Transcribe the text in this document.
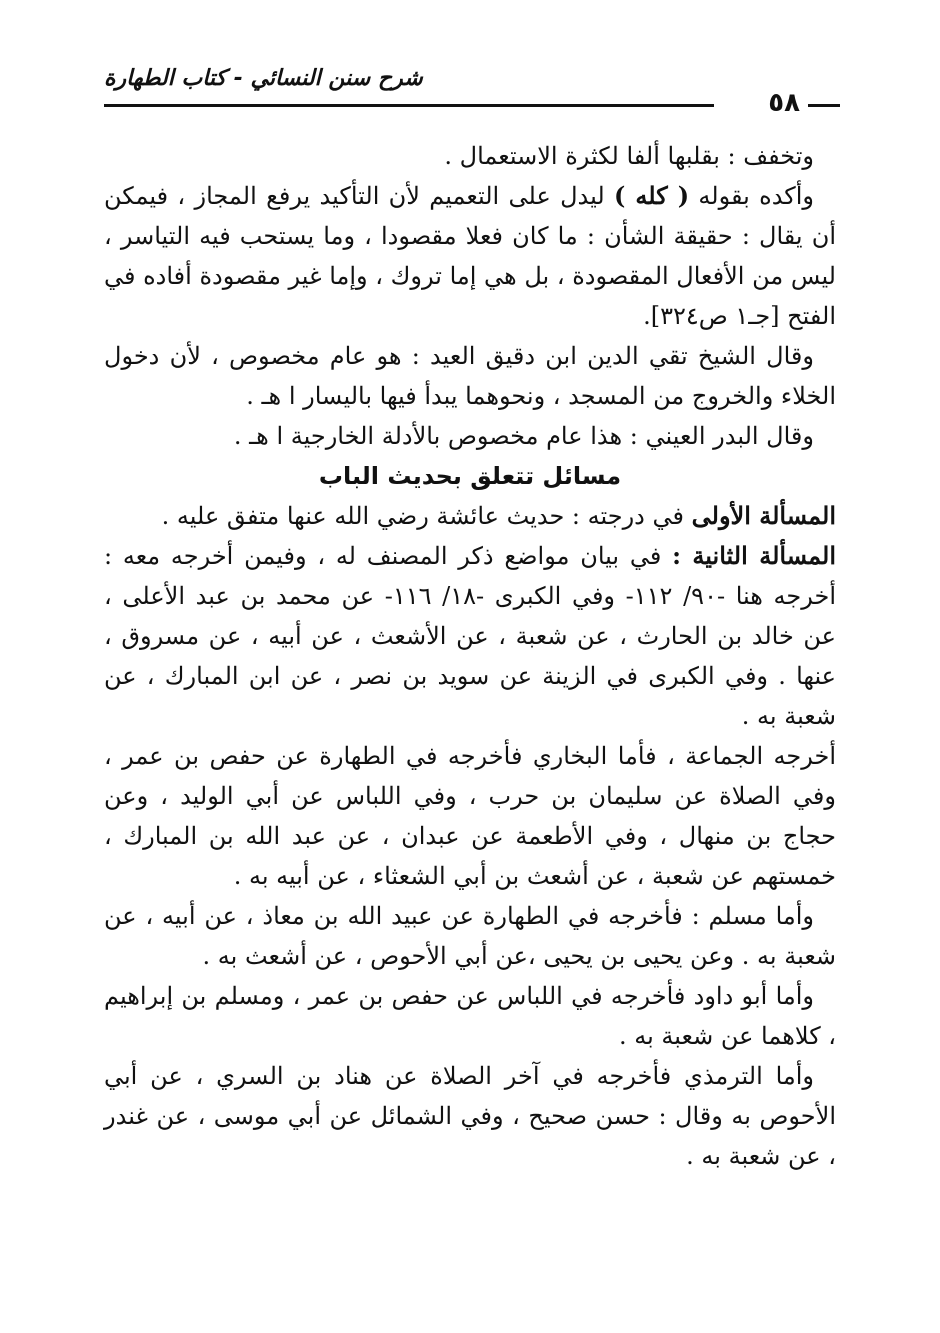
شرح سنن النسائي - كتاب الطهارة
٥٨

وتخفف : بقلبها ألفا لكثرة الاستعمال .

وأكده بقوله ( كله ) ليدل على التعميم لأن التأكيد يرفع المجاز ، فيمكن أن يقال : حقيقة الشأن : ما كان فعلا مقصودا ، وما يستحب فيه التياسر ، ليس من الأفعال المقصودة ، بل هي إما تروك ، وإما غير مقصودة أفاده في الفتح [جـ١ ص٣٢٤].

وقال الشيخ تقي الدين ابن دقيق العيد : هو عام مخصوص ، لأن دخول الخلاء والخروج من المسجد ، ونحوهما يبدأ فيها باليسار ا هـ .

وقال البدر العيني : هذا عام مخصوص بالأدلة الخارجية ا هـ .

مسائل تتعلق بحديث الباب

المسألة الأولى في درجته : حديث عائشة رضي الله عنها متفق عليه .

المسألة الثانية : في بيان مواضع ذكر المصنف له ، وفيمن أخرجه معه : أخرجه هنا -٩٠/ ١١٢- وفي الكبرى -١٨/ ١١٦- عن محمد بن عبد الأعلى ، عن خالد بن الحارث ، عن شعبة ، عن الأشعث ، عن أبيه ، عن مسروق ، عنها . وفي الكبرى في الزينة عن سويد بن نصر ، عن ابن المبارك ، عن شعبة به .

أخرجه الجماعة ، فأما البخاري فأخرجه في الطهارة عن حفص بن عمر ، وفي الصلاة عن سليمان بن حرب ، وفي اللباس عن أبي الوليد ، وعن حجاج بن منهال ، وفي الأطعمة عن عبدان ، عن عبد الله بن المبارك ، خمستهم عن شعبة ، عن أشعث بن أبي الشعثاء ، عن أبيه به .

وأما مسلم : فأخرجه في الطهارة عن عبيد الله بن معاذ ، عن أبيه ، عن شعبة به . وعن يحيى بن يحيى ،عن أبي الأحوص ، عن أشعث به .

وأما أبو داود فأخرجه في اللباس عن حفص بن عمر ، ومسلم بن إبراهيم ، كلاهما عن شعبة به .

وأما الترمذي فأخرجه في آخر الصلاة عن هناد بن السري ، عن أبي الأحوص به وقال : حسن صحيح ، وفي الشمائل عن أبي موسى ، عن غندر ، عن شعبة به .
